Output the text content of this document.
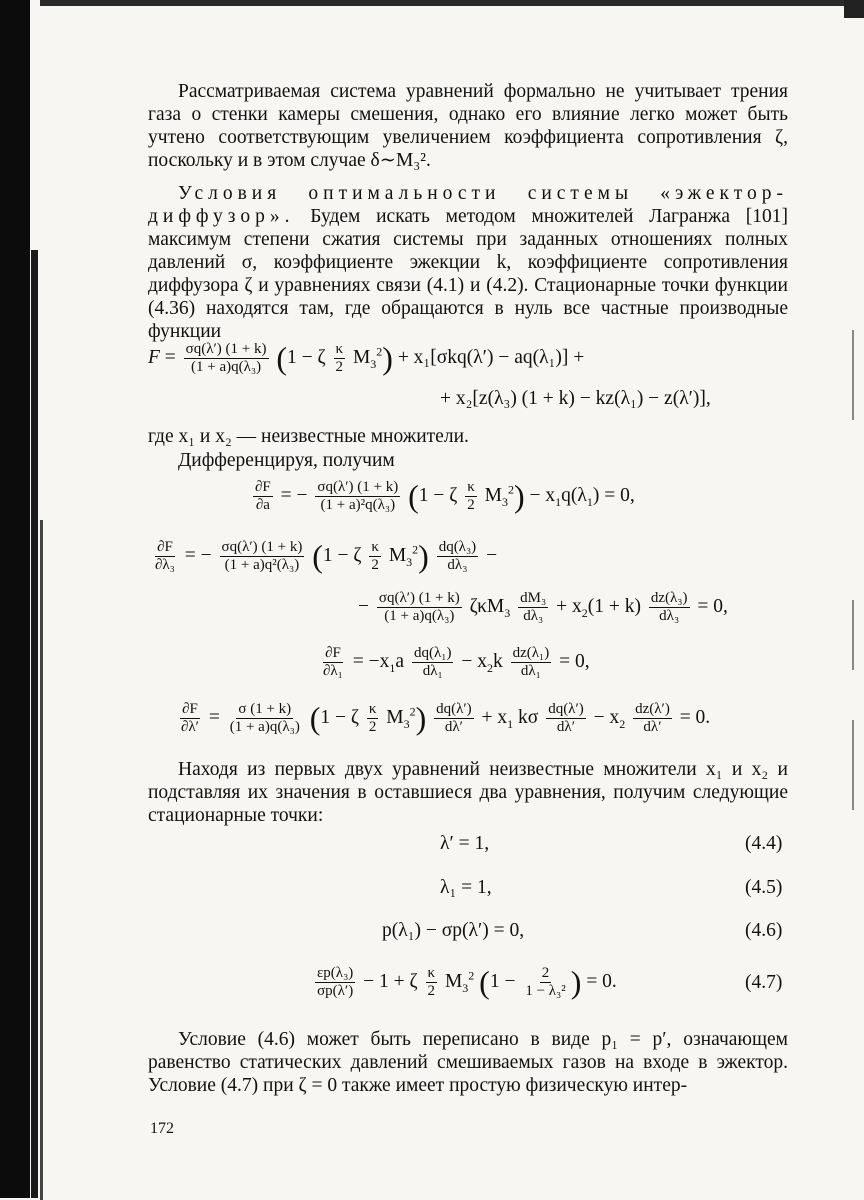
Рассматриваемая система уравнений формально не учитывает трения газа о стенки камеры смешения, однако его влияние легко может быть учтено соответствующим увеличением коэффициента сопротивления ζ, поскольку и в этом случае δ∼M₃².

Условия оптимальности системы «эжектор-диффузор». Будем искать методом множителей Лагранжа [101] максимум степени сжатия системы при заданных отношениях полных давлений σ, коэффициенте эжекции k, коэффициенте сопротивления диффузора ζ и уравнениях связи (4.1) и (4.2). Стационарные точки функции (4.36) находятся там, где обращаются в нуль все частные производные функции

$F = \frac{\sigma q(\lambda') (1 + k)}{\text{(1 + a)q(λ₃)}} (1 - \zeta \frac{\kappa}{2} M_3^2) + x_1[\sigma kq(\lambda') - aq(\lambda_1)]$ +
+ x₂[z(λ₃) (1 + k) − kz(λ₁) − z(λ′)],
где x₁ и x₂ — неизвестные множители.
Дифференцируя, получим
$\frac{\partial F}{\partial a}$ = − $\frac{\sigma q(\lambda') (1 + k)}{\text{(1 + a)²q(λ₃)}} (1 - \zeta \frac{\kappa}{2} M_3^2) - x_1q(\lambda_1) = 0$,
$\frac{\partial F}{\text{∂λ₃}}$ = − $\frac{\sigma q(\lambda') (1 + k)}{\text{(1 + a)q²(λ₃)}} (1 - \zeta \frac{\kappa}{2} M_3^2) \frac{\text{dq(λ₃)}}{\text{dλ₃}}$ −
− $\frac{\sigma q(\lambda') (1 + k)}{\text{(1 + a)q(λ₃)}} \zeta\kappa M_3 \frac{\text{dM₃}}{\text{dλ₃}} + x_2(1 + k) \frac{\text{dz(λ₃)}}{\text{dλ₃}} = 0$,
$\frac{\partial F}{\text{∂λ₁}} = -x_1a \frac{\text{dq(λ₁)}}{\text{dλ₁}} - x_2k \frac{\text{dz(λ₁)}}{\text{dλ₁}} = 0$,
$\frac{\partial F}{\partial\lambda'} = \frac{\sigma (1 + k)}{\text{(1 + a)q(λ₃)}} (1 - \zeta \frac{\kappa}{2} M_3^2) \frac{dq(\lambda')}{d\lambda'} + x_1$ kσ $\frac{dq(\lambda')}{d\lambda'} - x_2 \frac{dz(\lambda')}{d\lambda'} = 0$.

Находя из первых двух уравнений неизвестные множители x₁ и x₂ и подставляя их значения в оставшиеся два уравнения, получим следующие стационарные точки:

λ′ = 1,	(4.4)
λ₁ = 1,	(4.5)
p(λ₁) − σp(λ′) = 0,	(4.6)
$\frac{\text{εp(λ₃)}}{\sigma p(\lambda')} - 1 + \zeta \frac{\kappa}{2} M_3^2$ ($1 - \frac{2}{\text{1 − λ₃²}}$ ) = 0.	(4.7)

Условие (4.6) может быть переписано в виде p₁ = p′, означающем равенство статических давлений смешиваемых газов на входе в эжектор. Условие (4.7) при ζ = 0 также имеет простую физическую интер-

172
